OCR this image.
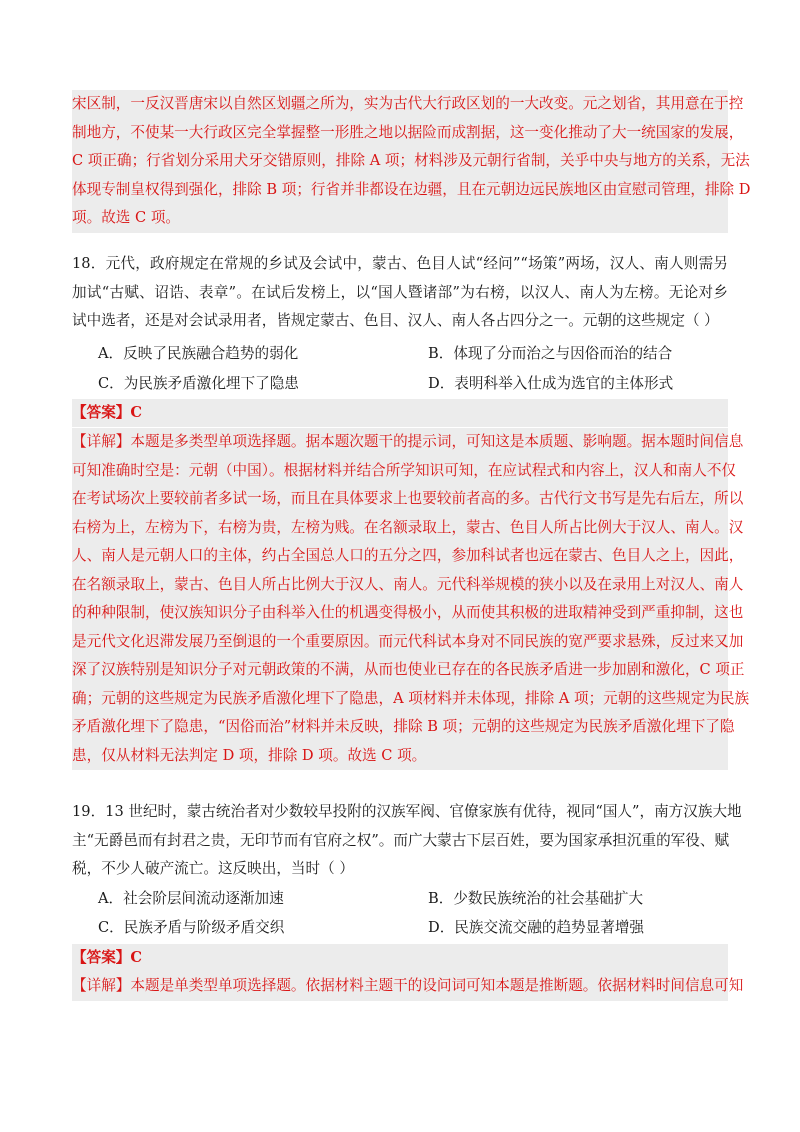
宋区制，一反汉晋唐宋以自然区划疆之所为，实为古代大行政区划的一大改变。元之划省，其用意在于控
制地方，不使某一大行政区完全掌握整一形胜之地以据险而成割据，这一变化推动了大一统国家的发展，
C 项正确；行省划分采用犬牙交错原则，排除 A 项；材料涉及元朝行省制，关乎中央与地方的关系，无法
体现专制皇权得到强化，排除 B 项；行省并非都设在边疆，且在元朝边远民族地区由宣慰司管理，排除 D
项。故选 C 项。
18．元代，政府规定在常规的乡试及会试中，蒙古、色目人试“经问”“场策”两场，汉人、南人则需另
加试“古赋、诏诰、表章”。在试后发榜上，以“国人暨诸部”为右榜，以汉人、南人为左榜。无论对乡
试中选者，还是对会试录用者，皆规定蒙古、色目、汉人、南人各占四分之一。元朝的这些规定（ ）
A．反映了民族融合趋势的弱化	B．体现了分而治之与因俗而治的结合
C．为民族矛盾激化埋下了隐患	D．表明科举入仕成为选官的主体形式
【答案】C
【详解】本题是多类型单项选择题。据本题次题干的提示词，可知这是本质题、影响题。据本题时间信息
可知准确时空是：元朝（中国）。根据材料并结合所学知识可知，在应试程式和内容上，汉人和南人不仅
在考试场次上要较前者多试一场，而且在具体要求上也要较前者高的多。古代行文书写是先右后左，所以
右榜为上，左榜为下，右榜为贵，左榜为贱。在名额录取上，蒙古、色目人所占比例大于汉人、南人。汉
人、南人是元朝人口的主体，约占全国总人口的五分之四，参加科试者也远在蒙古、色目人之上，因此，
在名额录取上，蒙古、色目人所占比例大于汉人、南人。元代科举规模的狭小以及在录用上对汉人、南人
的种种限制，使汉族知识分子由科举入仕的机遇变得极小，从而使其积极的进取精神受到严重抑制，这也
是元代文化迟滞发展乃至倒退的一个重要原因。而元代科试本身对不同民族的宽严要求悬殊，反过来又加
深了汉族特别是知识分子对元朝政策的不满，从而也使业已存在的各民族矛盾进一步加剧和激化，C 项正
确；元朝的这些规定为民族矛盾激化埋下了隐患，A 项材料并未体现，排除 A 项；元朝的这些规定为民族
矛盾激化埋下了隐患，“因俗而治”材料并未反映，排除 B 项；元朝的这些规定为民族矛盾激化埋下了隐
患，仅从材料无法判定 D 项，排除 D 项。故选 C 项。
19．13 世纪时，蒙古统治者对少数较早投附的汉族军阀、官僚家族有优待，视同“国人”，南方汉族大地
主“无爵邑而有封君之贵，无印节而有官府之权”。而广大蒙古下层百姓，要为国家承担沉重的军役、赋
税，不少人破产流亡。这反映出，当时（ ）
A．社会阶层间流动逐渐加速	B．少数民族统治的社会基础扩大
C．民族矛盾与阶级矛盾交织	D．民族交流交融的趋势显著增强
【答案】C
【详解】本题是单类型单项选择题。依据材料主题干的设问词可知本题是推断题。依据材料时间信息可知
